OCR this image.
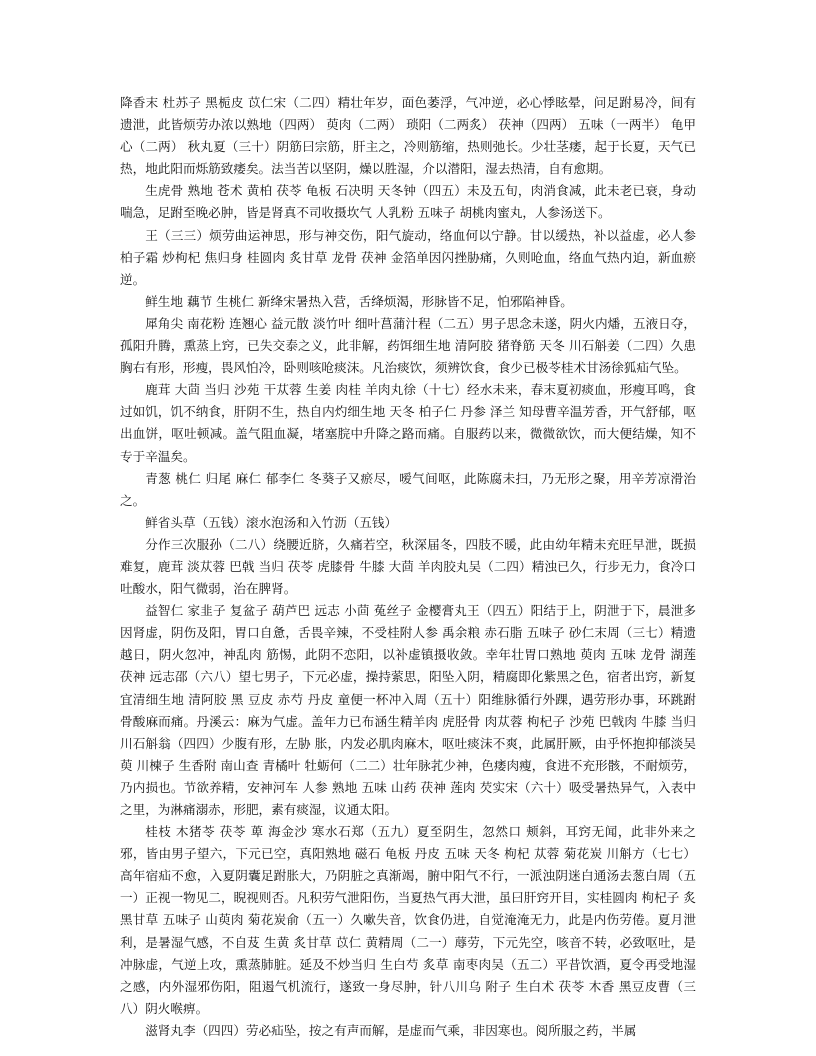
降香末 杜苏子 黑栀皮 苡仁宋（二四）精壮年岁，面色萎浮，气冲逆，必心悸眩晕，问足跗易冷，间有遗泄，此皆烦劳办浓以熟地（四两） 萸肉（二两） 琐阳（二两炙） 茯神（四两） 五味（一两半） 龟甲心（二两） 秋丸夏（三十）阴筋曰宗筋，肝主之，冷则筋缩，热则弛长。少壮茎痿，起于长夏，天气已热，地此阳而烁筋致痿矣。法当苦以坚阴，燥以胜湿，介以潜阳，湿去热清，自有愈期。

生虎骨 熟地 苍术 黄柏 茯苓 龟板 石决明 天冬钟（四五）未及五旬，肉消食减，此未老已衰，身动喘急，足跗至晚必肿，皆是肾真不司收摄坎气 人乳粉 五味子 胡桃肉蜜丸，人参汤送下。

王（三三）烦劳曲运神思，形与神交伤，阳气旋动，络血何以宁静。甘以缓热，补以益虚，必人参 柏子霜 炒枸杞 焦归身 桂圆肉 炙甘草 龙骨 茯神 金箔单因闪挫胁痛，久则呛血，络血气热内迫，新血瘀逆。

鲜生地 藕节 生桃仁 新绛宋暑热入营，舌绛烦渴，形脉皆不足，怕邪陷神昏。

犀角尖 南花粉 连翘心 益元散 淡竹叶 细叶菖蒲汁程（二五）男子思念未遂，阴火内燔，五液日夺，孤阳升腾，熏蒸上窍，已失交泰之义，此非解，药饵细生地 清阿胶 猪脊筋 天冬 川石斛姜（二四）久患胸右有形，形瘦，畏风怕冷，卧则咳呛痰沫。凡治痰饮，须辨饮食，食少已极苓桂术甘汤徐狐疝气坠。

鹿茸 大茴 当归 沙苑 干苁蓉 生姜 肉桂 羊肉丸徐（十七）经水未来，春末夏初痰血，形瘦耳鸣，食过如饥，饥不纳食，肝阴不生，热自内灼细生地 天冬 柏子仁 丹参 泽兰 知母曹辛温芳香，开气舒郁，呕出血饼，呕吐顿减。盖气阻血凝，堵塞脘中升降之路而痛。自服药以来，微微欲饮，而大便结燥，知不专于辛温矣。

青葱 桃仁 归尾 麻仁 郁李仁 冬葵子又瘀尽，嗳气间呕，此陈腐未扫，乃无形之聚，用辛芳凉滑治之。

鲜省头草（五钱）滚水泡汤和入竹沥（五钱）

分作三次服孙（二八）绕腰近脐，久痛若空，秋深届冬，四肢不暖，此由幼年精未充旺早泄，既损难复，鹿茸 淡苁蓉 巴戟 当归 茯苓 虎膝骨 牛膝 大茴 羊肉胶丸吴（二四）精浊已久，行步无力，食冷口吐酸水，阳气微弱，治在脾肾。

益智仁 家韭子 复盆子 葫芦巴 远志 小茴 菟丝子 金樱膏丸王（四五）阳结于上，阴泄于下，晨泄多因肾虚，阴伤及阳，胃口自惫，舌畏辛辣，不受桂附人参 禹余粮 赤石脂 五味子 砂仁末周（三七）精遗越日，阴火忽冲，神乱肉 筋惕，此阴不恋阳，以补虚镇摄收敛。幸年壮胃口熟地 萸肉 五味 龙骨 湖莲 茯神 远志邵（六八）望七男子，下元必虚，操持萦思，阳坠入阴，精腐即化紫黑之色，宿者出窍，新复宜清细生地 清阿胶 黑 豆皮 赤芍 丹皮 童便一杯冲入周（五十）阳维脉循行外踝，遇劳形办事，环跳跗骨酸麻而痛。丹溪云：麻为气虚。盖年力已布涵生精羊肉 虎胫骨 肉苁蓉 枸杞子 沙苑 巴戟肉 牛膝 当归 川石斛翁（四四）少腹有形，左胁 胀，内发必肌肉麻木，呕吐痰沫不爽，此属肝厥，由乎怀抱抑郁淡吴萸 川楝子 生香附 南山查 青橘叶 牡蛎何（二二）壮年脉芤少神，色痿肉瘦，食进不充形骸，不耐烦劳，乃内损也。节欲养精，安神河车 人参 熟地 五味 山药 茯神 莲肉 芡实宋（六十）吸受暑热异气，入表中之里，为淋痛溺赤，形肥，素有痰湿，议通太阳。

桂枝 木猪苓 茯苓 萆 海金沙 寒水石郑（五九）夏至阴生，忽然口 颊斜，耳窍无闻，此非外来之邪，皆由男子望六，下元已空，真阳熟地 磁石 龟板 丹皮 五味 天冬 枸杞 苁蓉 菊花炭 川斛方（七七）高年宿疝不愈，入夏阴囊足跗胀大，乃阴脏之真渐竭，腑中阳气不行，一派浊阴迷白通汤去葱白周（五一）正视一物见二，睨视则否。凡积劳气泄阳伤，当夏热气再大泄，虽曰肝窍开目，实桂圆肉 枸杞子 炙黑甘草 五味子 山萸肉 菊花炭俞（五一）久嗽失音，饮食仍进，自觉淹淹无力，此是内伤劳倦。夏月泄利，是暑湿气感，不自芨 生黄 炙甘草 苡仁 黄精周（二一）蓐劳，下元先空，咳音不转，必致呕吐，是冲脉虚，气逆上攻，熏蒸肺脏。延及不炒当归 生白芍 炙草 南枣肉吴（五二）平昔饮酒，夏令再受地湿之感，内外湿邪伤阳，阻遏气机流行，遂致一身尽肿，针八川乌 附子 生白术 茯苓 木香 黑豆皮曹（三八）阴火喉痹。

滋肾丸李（四四）劳必疝坠，按之有声而解，是虚而气乘，非因寒也。阅所服之药，半属
